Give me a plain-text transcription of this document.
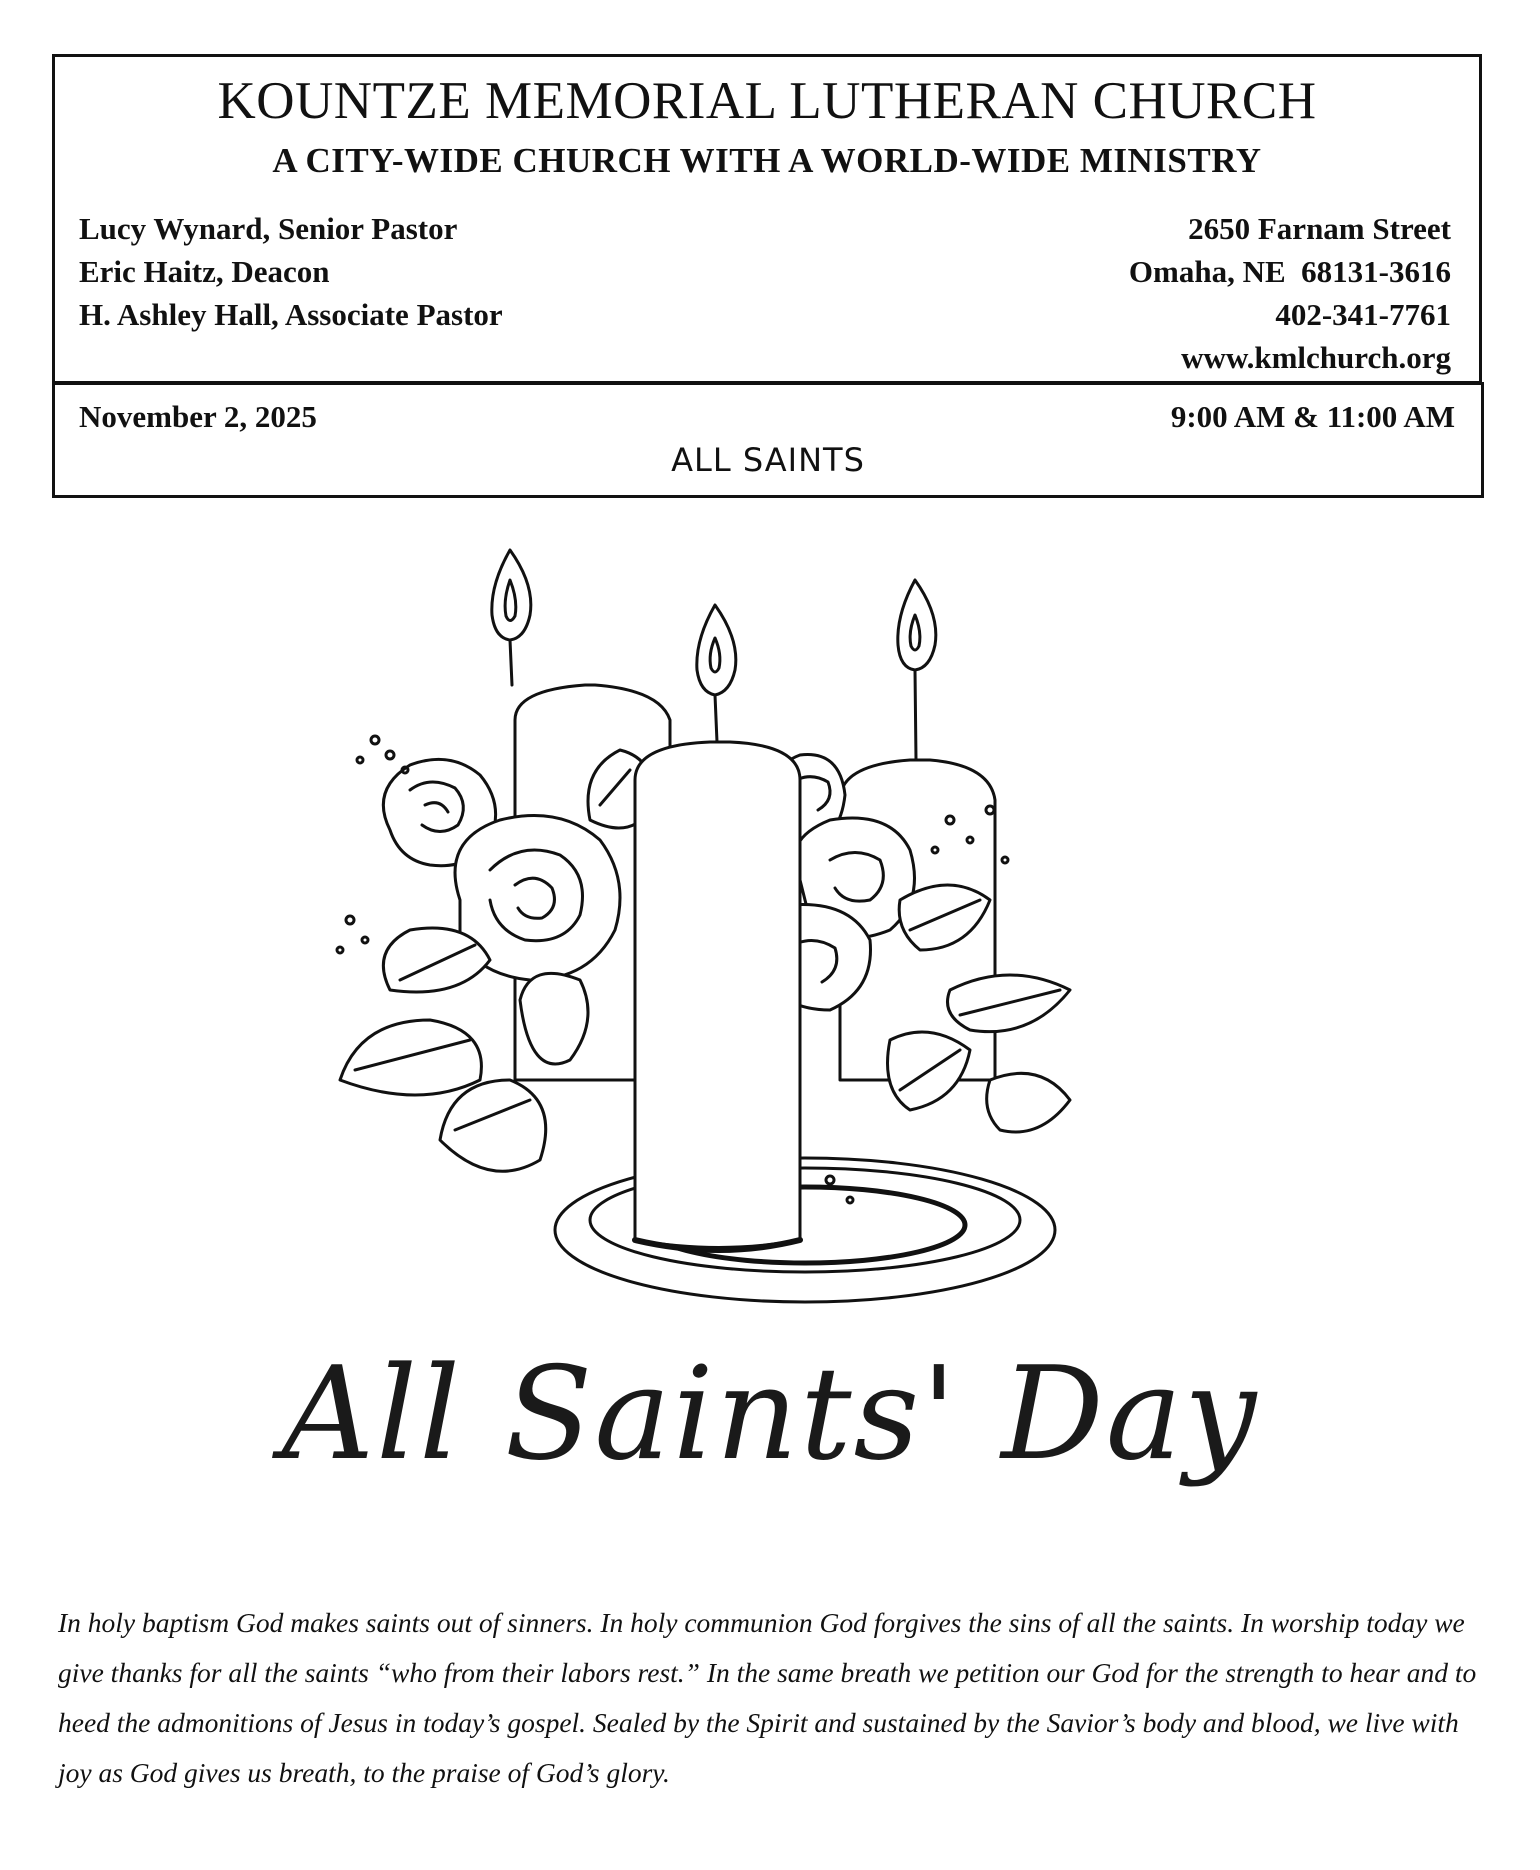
KOUNTZE MEMORIAL LUTHERAN CHURCH
A CITY-WIDE CHURCH WITH A WORLD-WIDE MINISTRY
Lucy Wynard, Senior Pastor
Eric Haitz, Deacon
H. Ashley Hall, Associate Pastor
2650 Farnam Street
Omaha, NE  68131-3616
402-341-7761
www.kmlchurch.org
November 2, 2025	9:00 AM & 11:00 AM
ALL SAINTS
All Saints' Day
In holy baptism God makes saints out of sinners. In holy communion God forgives the sins of all the saints. In worship today we give thanks for all the saints “who from their labors rest.” In the same breath we petition our God for the strength to hear and to heed the admonitions of Jesus in today’s gospel. Sealed by the Spirit and sustained by the Savior’s body and blood, we live with joy as God gives us breath, to the praise of God’s glory.
